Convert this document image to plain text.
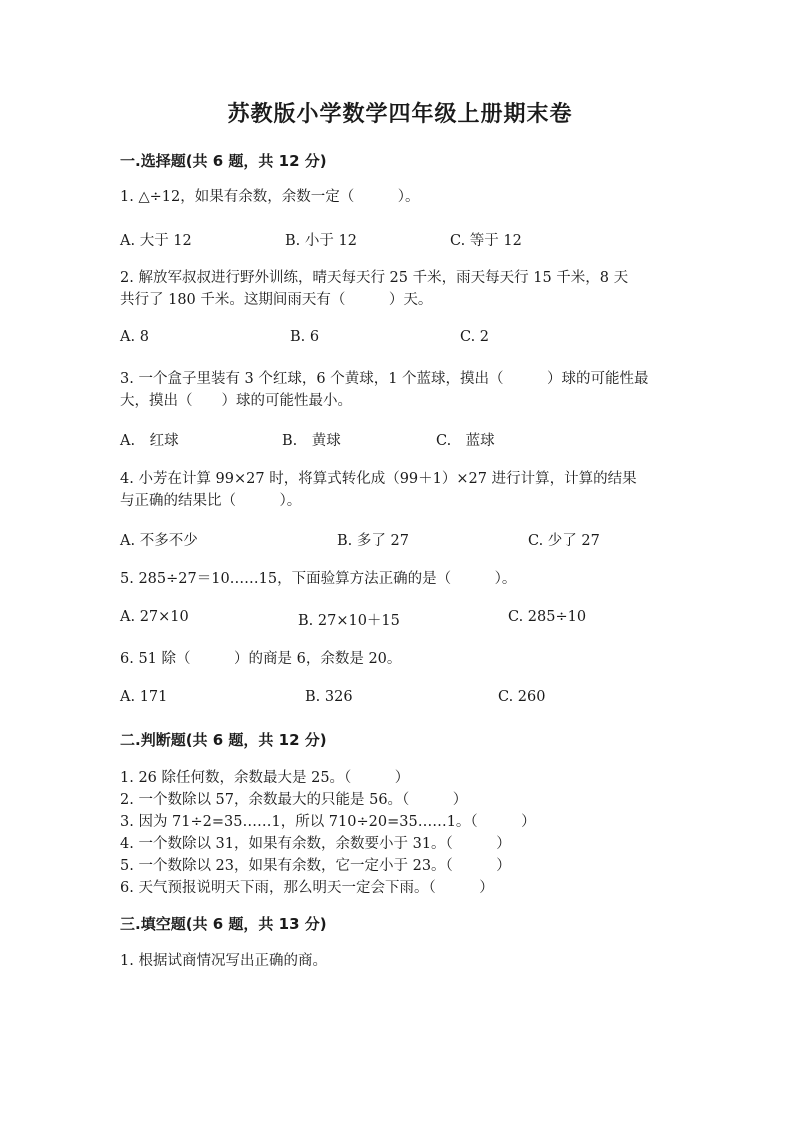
苏教版小学数学四年级上册期末卷
一.选择题(共 6 题，共 12 分)
1. △÷12，如果有余数，余数一定（　　　）。
A. 大于 12	B. 小于 12	C. 等于 12
2. 解放军叔叔进行野外训练，晴天每天行 25 千米，雨天每天行 15 千米，8 天
共行了 180 千米。这期间雨天有（　　　）天。
A. 8	B. 6	C. 2
3. 一个盒子里装有 3 个红球，6 个黄球，1 个蓝球，摸出（　　　）球的可能性最
大，摸出（　　）球的可能性最小。
A.　红球	B.　黄球	C.　蓝球
4. 小芳在计算 99×27 时，将算式转化成（99＋1）×27 进行计算，计算的结果
与正确的结果比（　　　）。
A. 不多不少	B. 多了 27	C. 少了 27
5. 285÷27＝10……15，下面验算方法正确的是（　　　）。
A. 27×10	B. 27×10＋15	C. 285÷10
6. 51 除（　　　）的商是 6，余数是 20。
A. 171	B. 326	C. 260
二.判断题(共 6 题，共 12 分)
1. 26 除任何数，余数最大是 25。（　　　）
2. 一个数除以 57，余数最大的只能是 56。（　　　）
3. 因为 71÷2=35……1，所以 710÷20=35……1。（　　　）
4. 一个数除以 31，如果有余数，余数要小于 31。（　　　）
5. 一个数除以 23，如果有余数，它一定小于 23。（　　　）
6. 天气预报说明天下雨，那么明天一定会下雨。（　　　）
三.填空题(共 6 题，共 13 分)
1. 根据试商情况写出正确的商。
